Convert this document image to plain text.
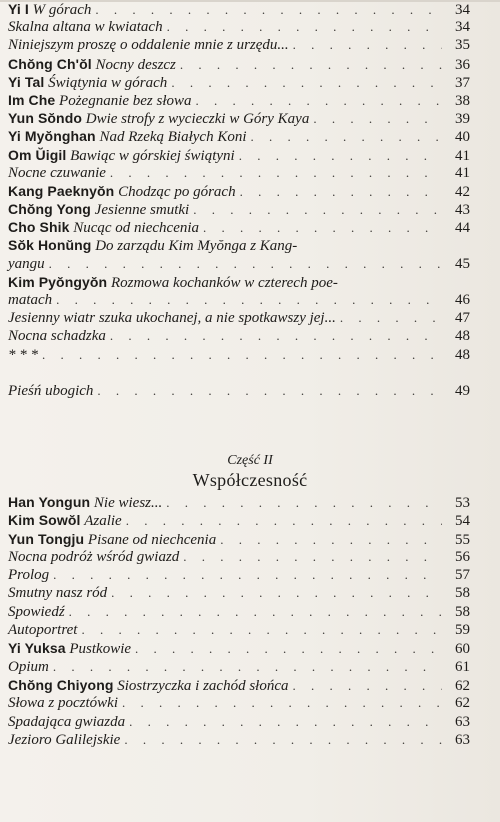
Yi I W górach . . .	34
Skalna altana w kwiatach . . .	34
Niniejszym proszę o oddalenie mnie z urzędu... . . .	35
Chŏng Ch'ŏl Nocny deszcz . . .	36
Yi Tal Świątynia w górach . . .	37
Im Che Pożegnanie bez słowa . . .	38
Yun Sŏndo Dwie strofy z wycieczki w Góry Kaya . . .	39
Yi Myŏnghan Nad Rzeką Białych Koni . . .	40
Om Ŭigil Bawiąc w górskiej świątyni . . .	41
Nocne czuwanie . . .	41
Kang Paeknyŏn Chodząc po górach . . .	42
Chŏng Yong Jesienne smutki . . .	43
Cho Shik Nucąc od niechcenia . . .	44
Sŏk Honŭng Do zarządu Kim Myŏnga z Kang-
yangu . . .	45
Kim Pyŏngyŏn Rozmowa kochanków w czterech poe-
matach . . .	46
Jesienny wiatr szuka ukochanej, a nie spotkawszy jej... . . .	47
Nocna schadzka . . .	48
* * * . . .	48
Pieśń ubogich . . .	49
Część II
Współczesność
Han Yongun Nie wiesz... . . .	53
Kim Sowŏl Azalie . . .	54
Yun Tongju Pisane od niechcenia . . .	55
Nocna podróż wśród gwiazd . . .	56
Prolog . . .	57
Smutny nasz ród . . .	58
Spowiedź . . .	58
Autoportret . . .	59
Yi Yuksa Pustkowie . . .	60
Opium . . .	61
Chŏng Chiyong Siostrzyczka i zachód słońca . . .	62
Słowa z pocztówki . . .	62
Spadająca gwiazda . . .	63
Jezioro Galilejskie . . .	63
